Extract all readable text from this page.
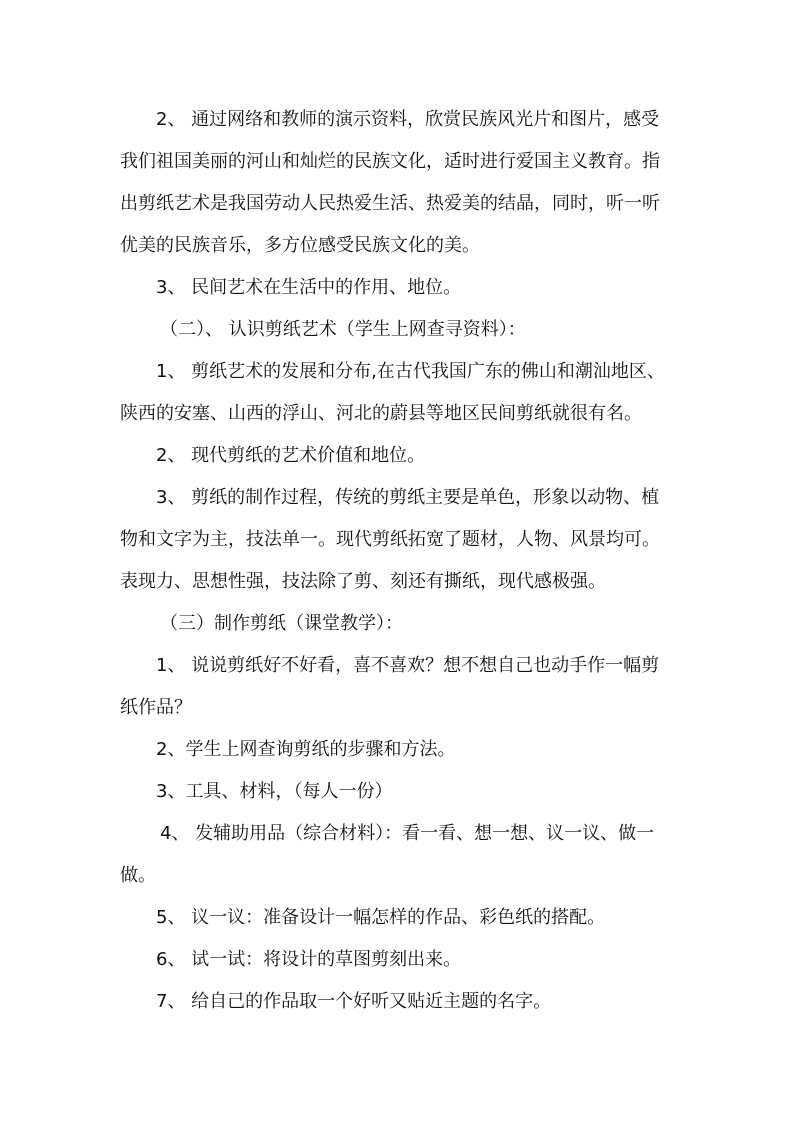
2、 通过网络和教师的演示资料，欣赏民族风光片和图片，感受
我们祖国美丽的河山和灿烂的民族文化，适时进行爱国主义教育。指
出剪纸艺术是我国劳动人民热爱生活、热爱美的结晶，同时，听一听
优美的民族音乐，多方位感受民族文化的美。
3、 民间艺术在生活中的作用、地位。
（二）、 认识剪纸艺术（学生上网查寻资料）：
1、 剪纸艺术的发展和分布,在古代我国广东的佛山和潮汕地区、
陕西的安塞、山西的浮山、河北的蔚县等地区民间剪纸就很有名。
2、 现代剪纸的艺术价值和地位。
3、 剪纸的制作过程，传统的剪纸主要是单色，形象以动物、植
物和文字为主，技法单一。现代剪纸拓宽了题材，人物、风景均可。
表现力、思想性强，技法除了剪、刻还有撕纸，现代感极强。
（三）制作剪纸（课堂教学）：
1、 说说剪纸好不好看，喜不喜欢？想不想自己也动手作一幅剪
纸作品？
2、学生上网查询剪纸的步骤和方法。
3、工具、材料，（每人一份）
4、 发辅助用品（综合材料）：看一看、想一想、议一议、做一
做。
5、 议一议：准备设计一幅怎样的作品、彩色纸的搭配。
6、 试一试：将设计的草图剪刻出来。
7、 给自己的作品取一个好听又贴近主题的名字。
